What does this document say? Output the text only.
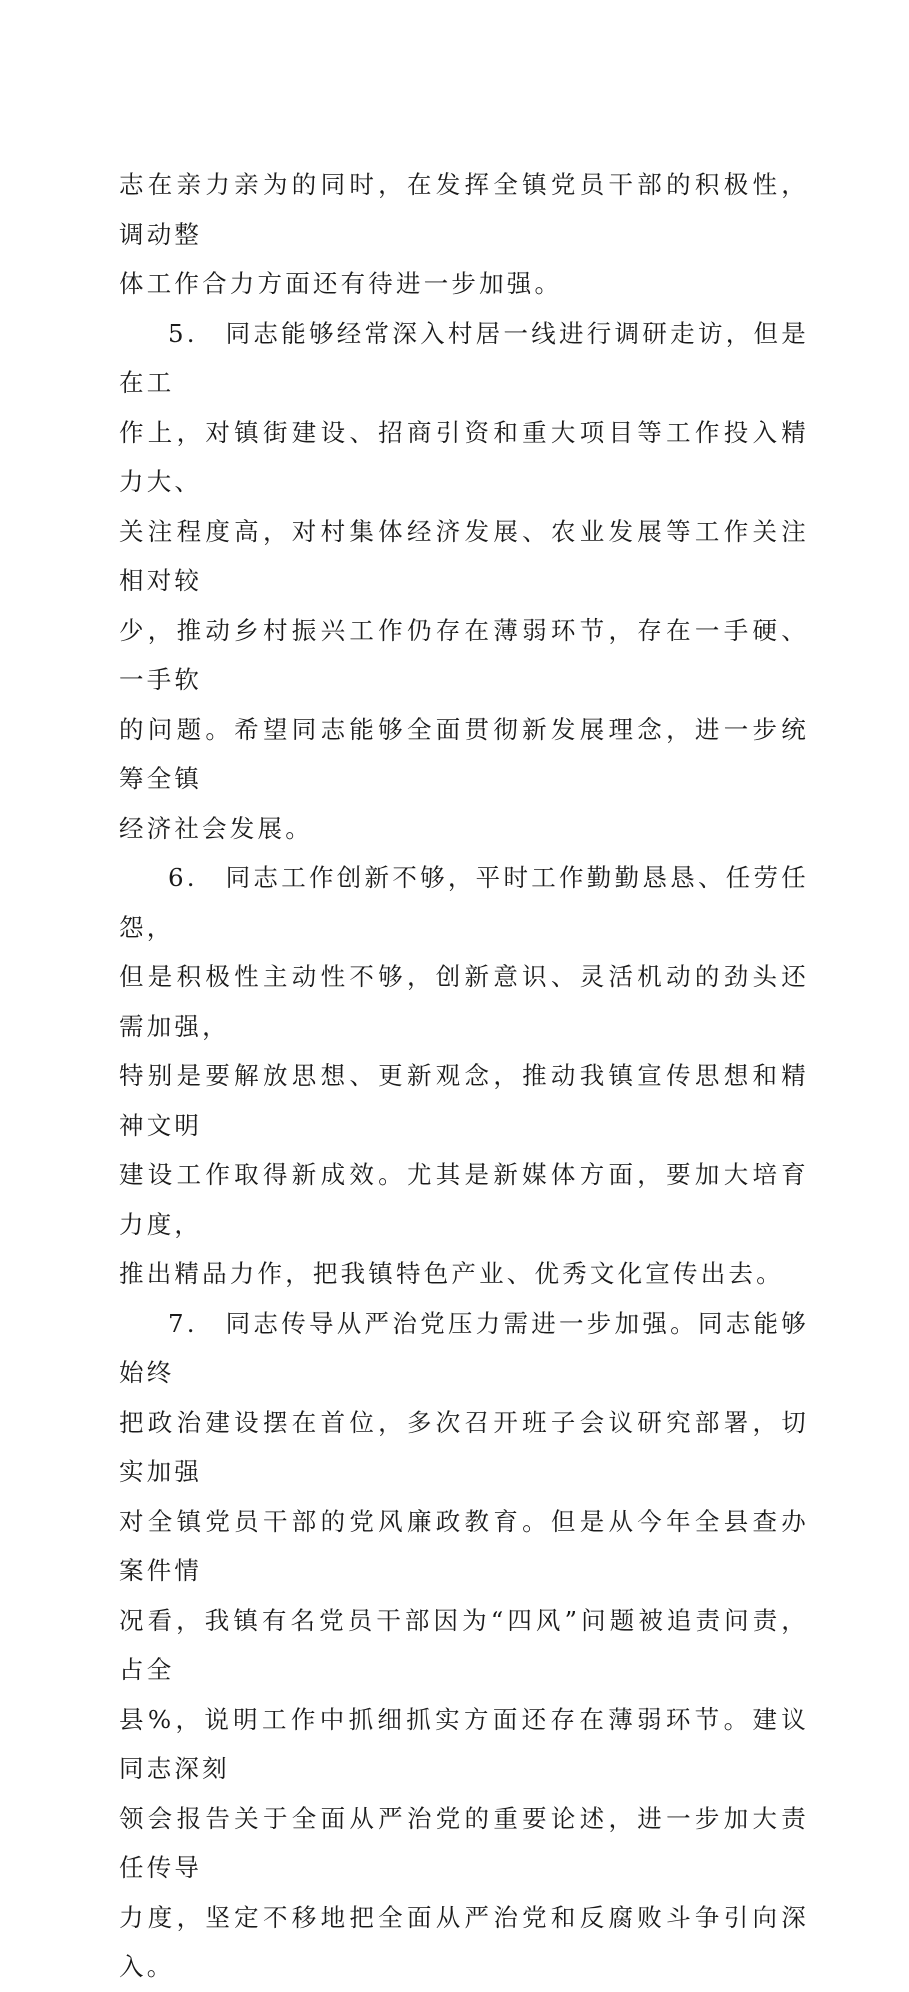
志在亲力亲为的同时，在发挥全镇党员干部的积极性，调动整
体工作合力方面还有待进一步加强。

5.　同志能够经常深入村居一线进行调研走访，但是在工
作上，对镇街建设、招商引资和重大项目等工作投入精力大、
关注程度高，对村集体经济发展、农业发展等工作关注相对较
少，推动乡村振兴工作仍存在薄弱环节，存在一手硬、一手软
的问题。希望同志能够全面贯彻新发展理念，进一步统筹全镇
经济社会发展。

6.　同志工作创新不够，平时工作勤勤恳恳、任劳任怨，
但是积极性主动性不够，创新意识、灵活机动的劲头还需加强，
特别是要解放思想、更新观念，推动我镇宣传思想和精神文明
建设工作取得新成效。尤其是新媒体方面，要加大培育力度，
推出精品力作，把我镇特色产业、优秀文化宣传出去。

7.　同志传导从严治党压力需进一步加强。同志能够始终
把政治建设摆在首位，多次召开班子会议研究部署，切实加强
对全镇党员干部的党风廉政教育。但是从今年全县查办案件情
况看，我镇有名党员干部因为“四风”问题被追责问责，占全
县%，说明工作中抓细抓实方面还存在薄弱环节。建议同志深刻
领会报告关于全面从严治党的重要论述，进一步加大责任传导
力度，坚定不移地把全面从严治党和反腐败斗争引向深入。
